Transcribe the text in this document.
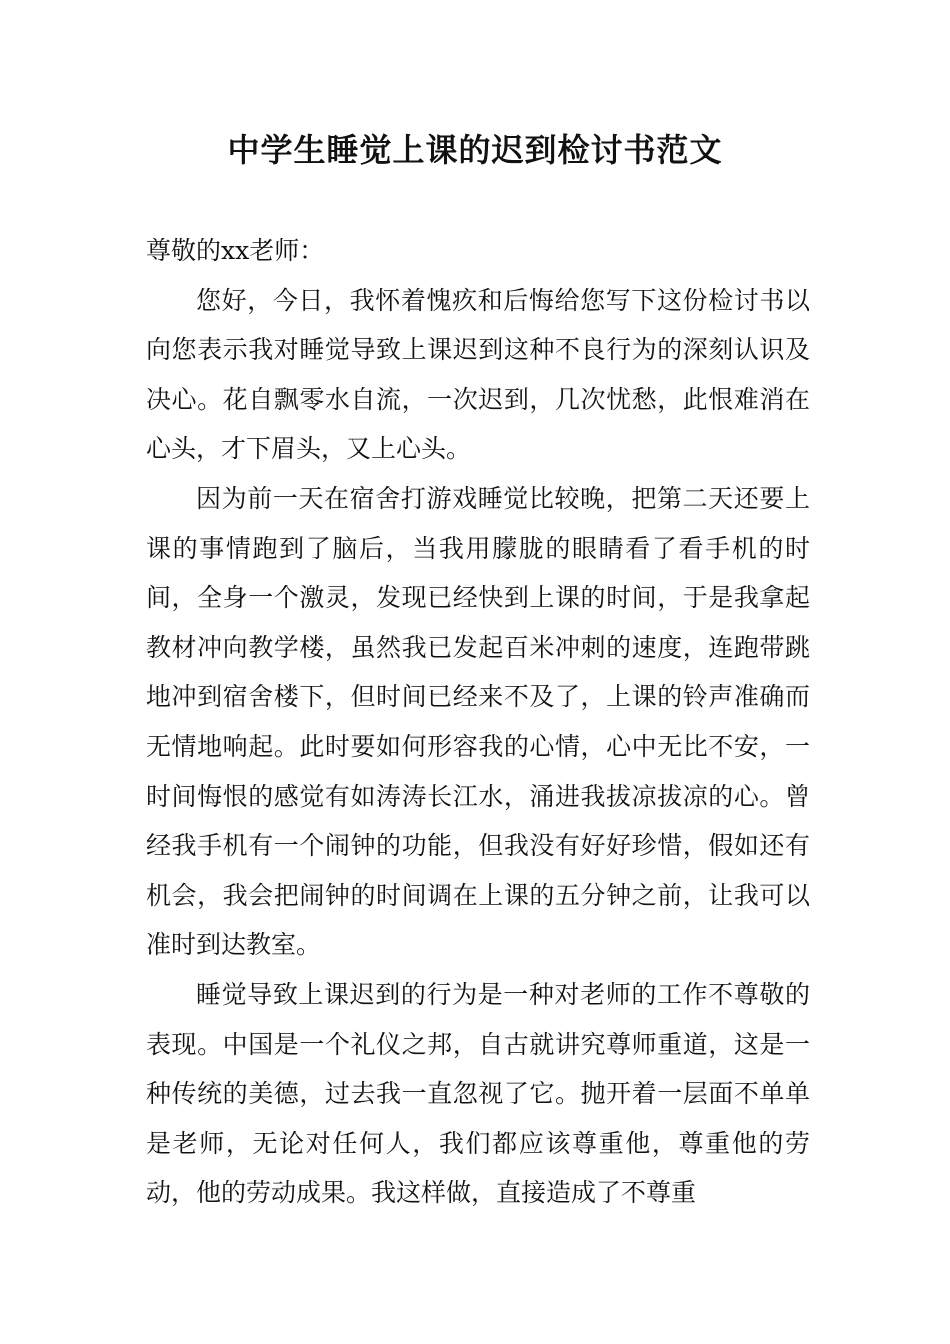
中学生睡觉上课的迟到检讨书范文

尊敬的xx老师：

您好，今日，我怀着愧疚和后悔给您写下这份检讨书以向您表示我对睡觉导致上课迟到这种不良行为的深刻认识及决心。花自飘零水自流，一次迟到，几次忧愁，此恨难消在心头，才下眉头，又上心头。

因为前一天在宿舍打游戏睡觉比较晚，把第二天还要上课的事情跑到了脑后，当我用朦胧的眼睛看了看手机的时间，全身一个激灵，发现已经快到上课的时间，于是我拿起教材冲向教学楼，虽然我已发起百米冲刺的速度，连跑带跳地冲到宿舍楼下，但时间已经来不及了，上课的铃声准确而无情地响起。此时要如何形容我的心情，心中无比不安，一时间悔恨的感觉有如涛涛长江水，涌进我拔凉拔凉的心。曾经我手机有一个闹钟的功能，但我没有好好珍惜，假如还有机会，我会把闹钟的时间调在上课的五分钟之前，让我可以准时到达教室。

睡觉导致上课迟到的行为是一种对老师的工作不尊敬的表现。中国是一个礼仪之邦，自古就讲究尊师重道，这是一种传统的美德，过去我一直忽视了它。抛开着一层面不单单是老师，无论对任何人，我们都应该尊重他，尊重他的劳动，他的劳动成果。我这样做，直接造成了不尊重
